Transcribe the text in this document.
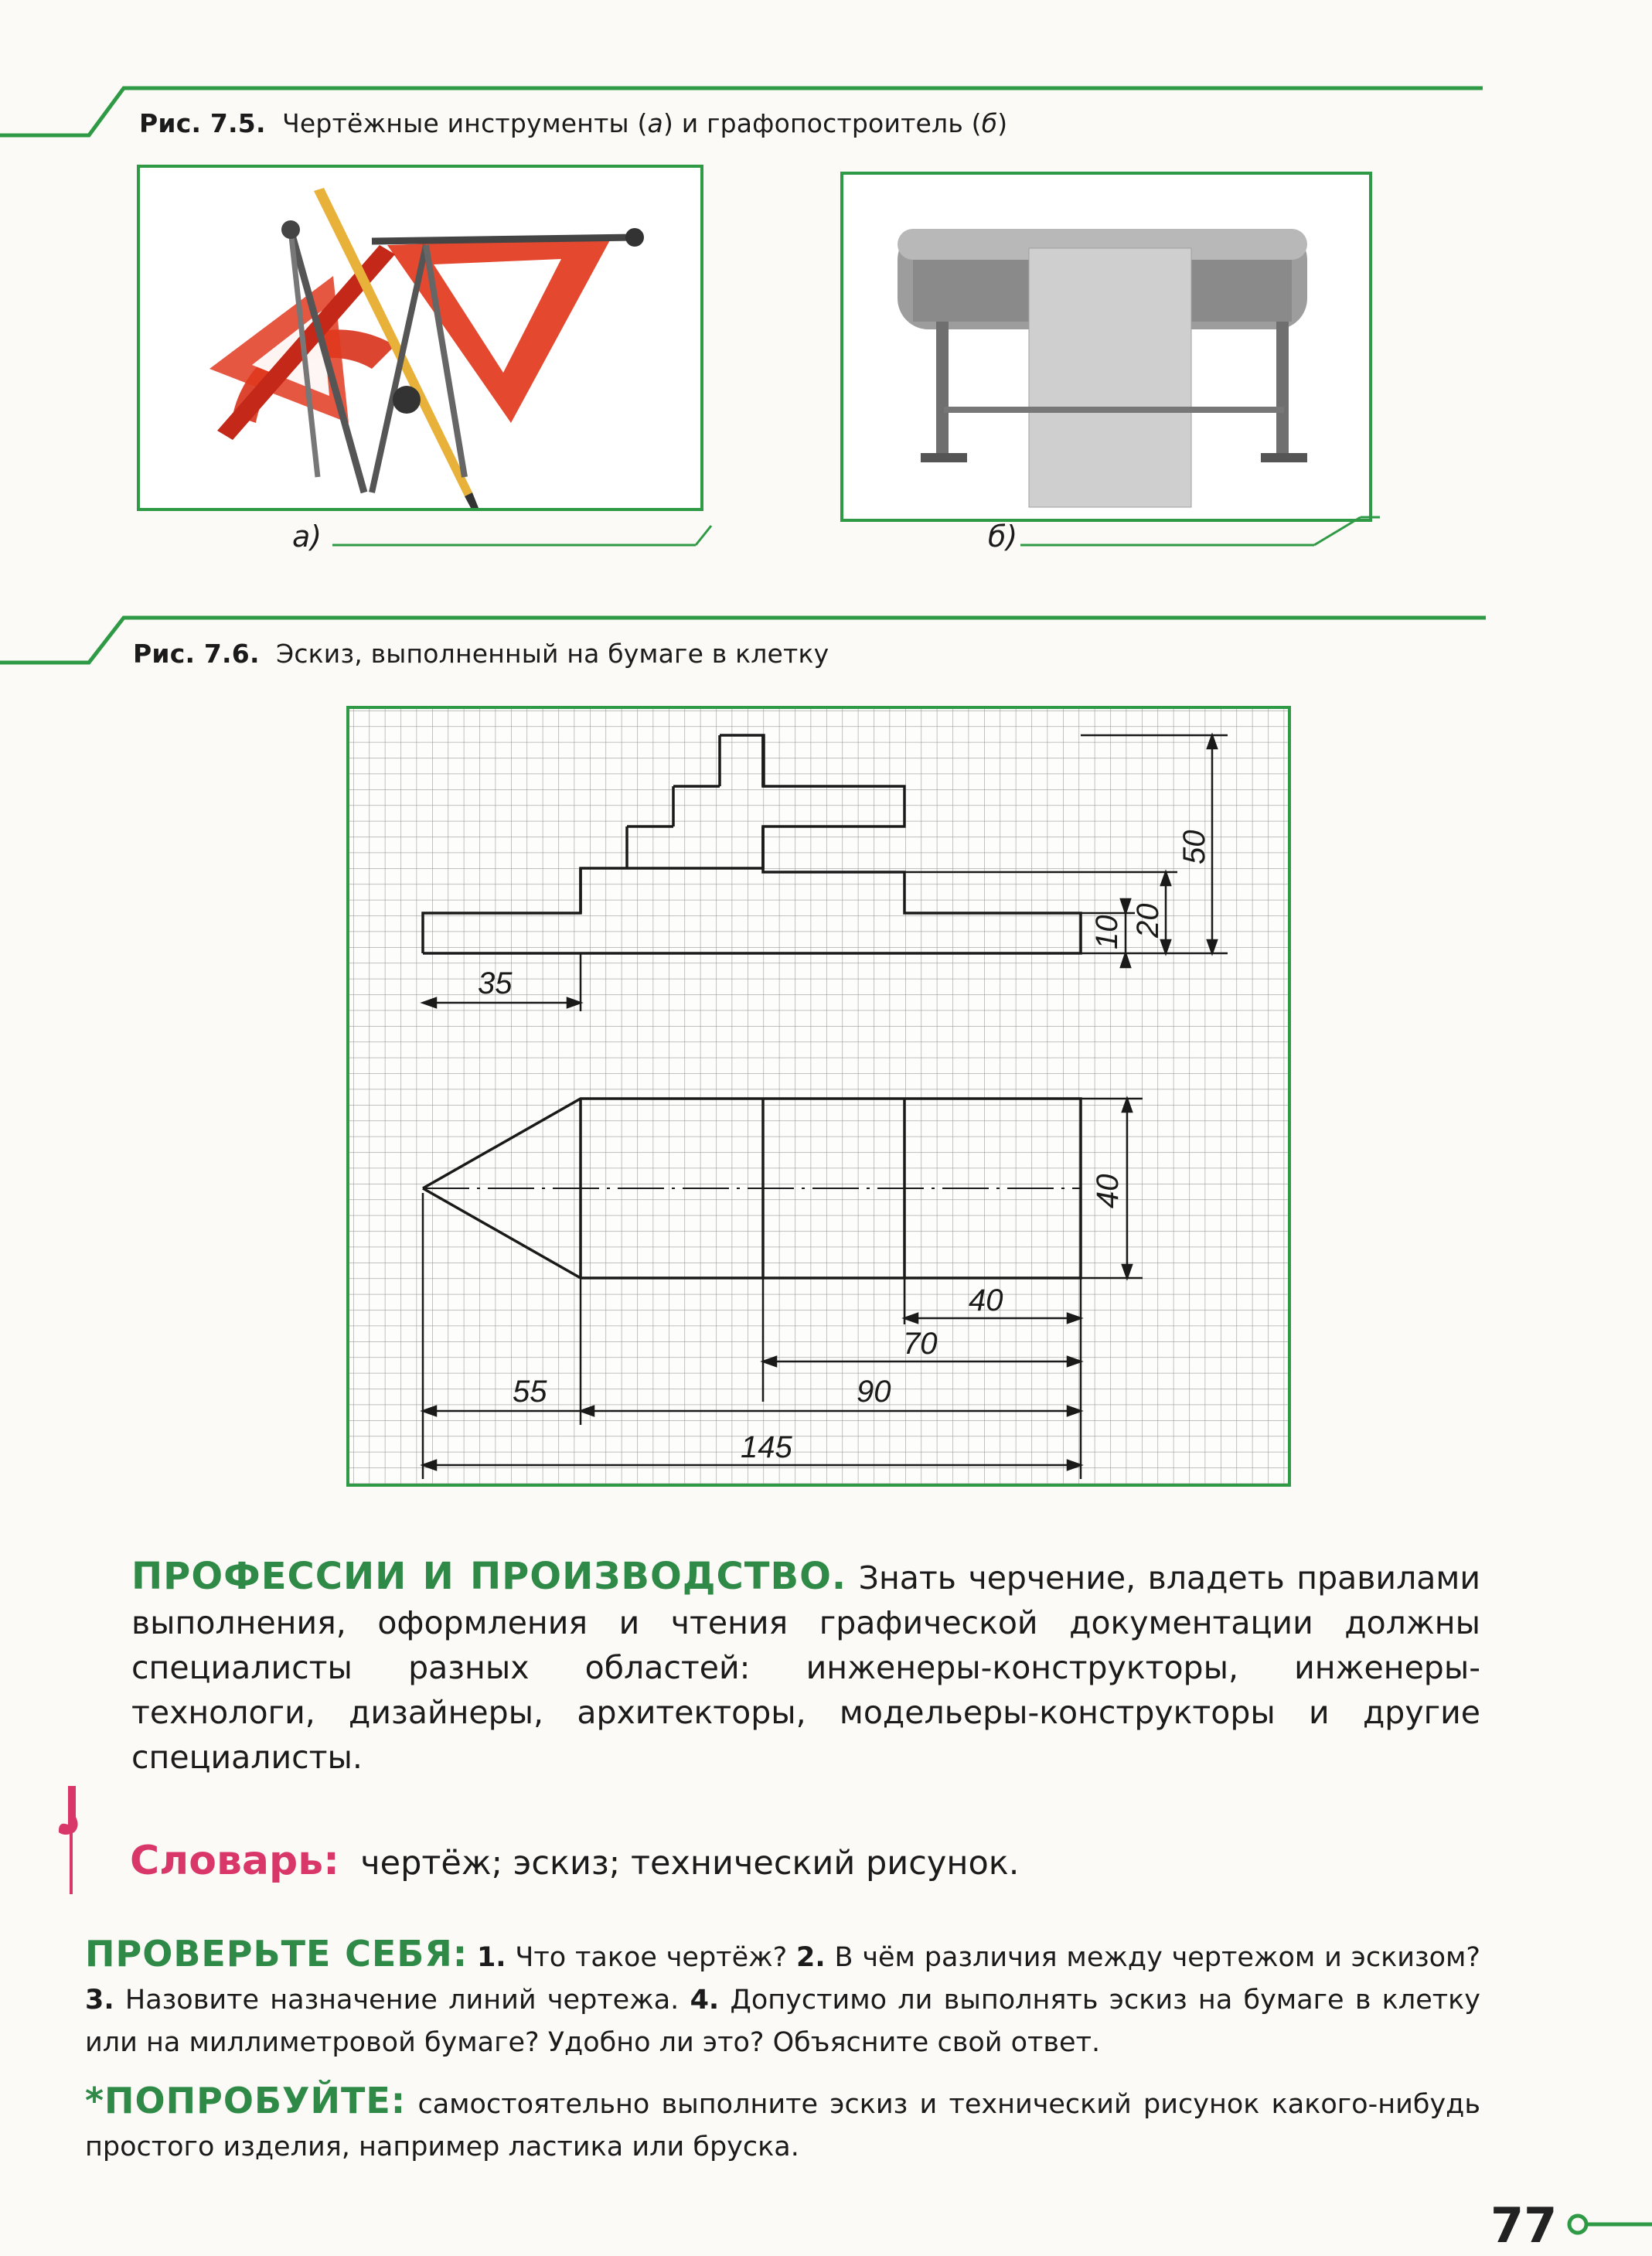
Рис. 7.5. Чертёжные инструменты (а) и графопостроитель (б)
а)	б)
Рис. 7.6. Эскиз, выполненный на бумаге в клетку
35
50
20
10
40
40
70
90
55
145
ПРОФЕССИИ И ПРОИЗВОДСТВО. Знать черчение, владеть правилами выполнения, оформления и чтения графической документации должны специалисты разных областей: инженеры-конструкторы, инженеры-технологи, дизайнеры, архитекторы, модельеры-конструкторы и другие специалисты.
Словарь: чертёж; эскиз; технический рисунок.
ПРОВЕРЬТЕ СЕБЯ: 1. Что такое чертёж? 2. В чём различия между чертежом и эскизом? 3. Назовите назначение линий чертежа. 4. Допустимо ли выполнять эскиз на бумаге в клетку или на миллиметровой бумаге? Удобно ли это? Объясните свой ответ.
*ПОПРОБУЙТЕ: самостоятельно выполните эскиз и технический рисунок какого-нибудь простого изделия, например ластика или бруска.
77
